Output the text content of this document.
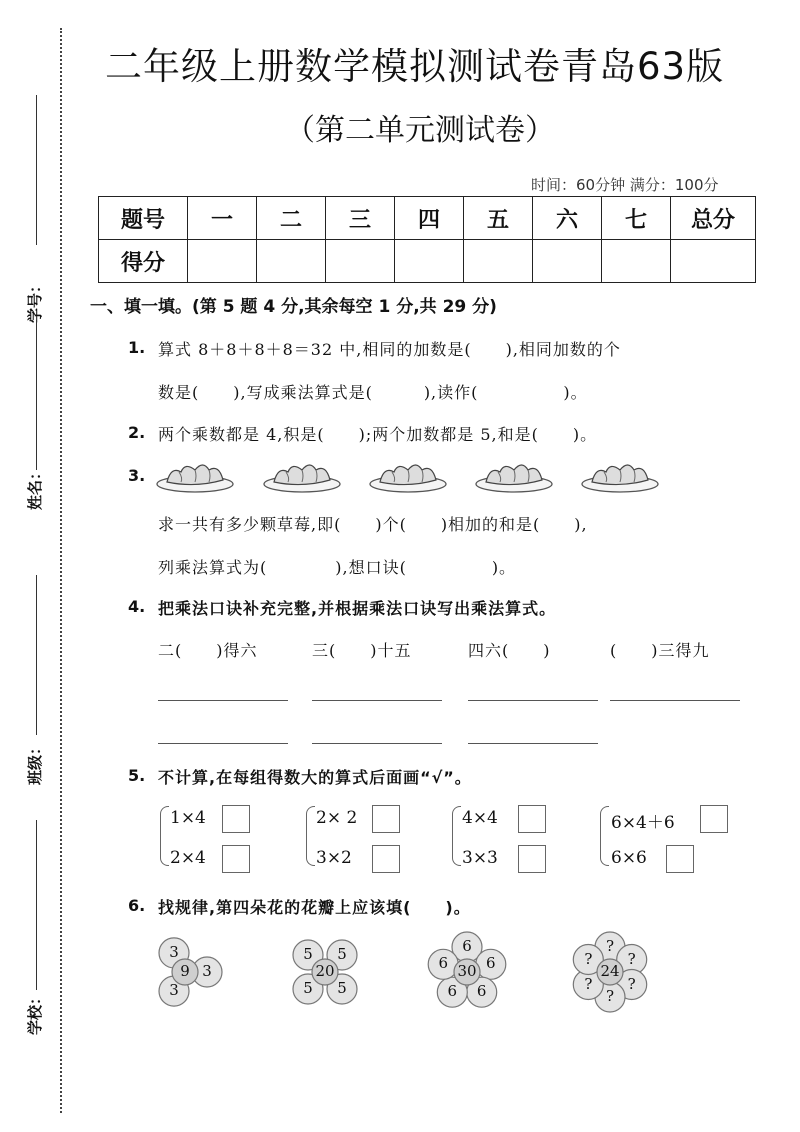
学号：
姓名：
班级：
学校：
二年级上册数学模拟测试卷青岛63版
（第二单元测试卷）
时间：60分钟 满分：100分
题号	一	二	三	四	五	六	七	总分
得分								
一、填一填。(第 5 题 4 分,其余每空 1 分,共 29 分)
1. 算式 8＋8＋8＋8＝32 中,相同的加数是(　　),相同加数的个
数是(　　),写成乘法算式是(　　　),读作(　　　　　)。
2. 两个乘数都是 4,积是(　　);两个加数都是 5,和是(　　)。
3.
求一共有多少颗草莓,即(　　)个(　　)相加的和是(　　),
列乘法算式为(　　　　),想口诀(　　　　　)。
4. 把乘法口诀补充完整,并根据乘法口诀写出乘法算式。
二(　　)得六	三(　　)十五	四六(　　)	(　　)三得九
5. 不计算,在每组得数大的算式后面画“√”。
1×4
2×4
2× 2
3×2
4×4
3×3
6×4＋6
6×6
6. 找规律,第四朵花的花瓣上应该填(　　)。
9
3
3
3
20
5	5
5
5
30
6
6
6
6
6	24
?
?
?
?
?
?
